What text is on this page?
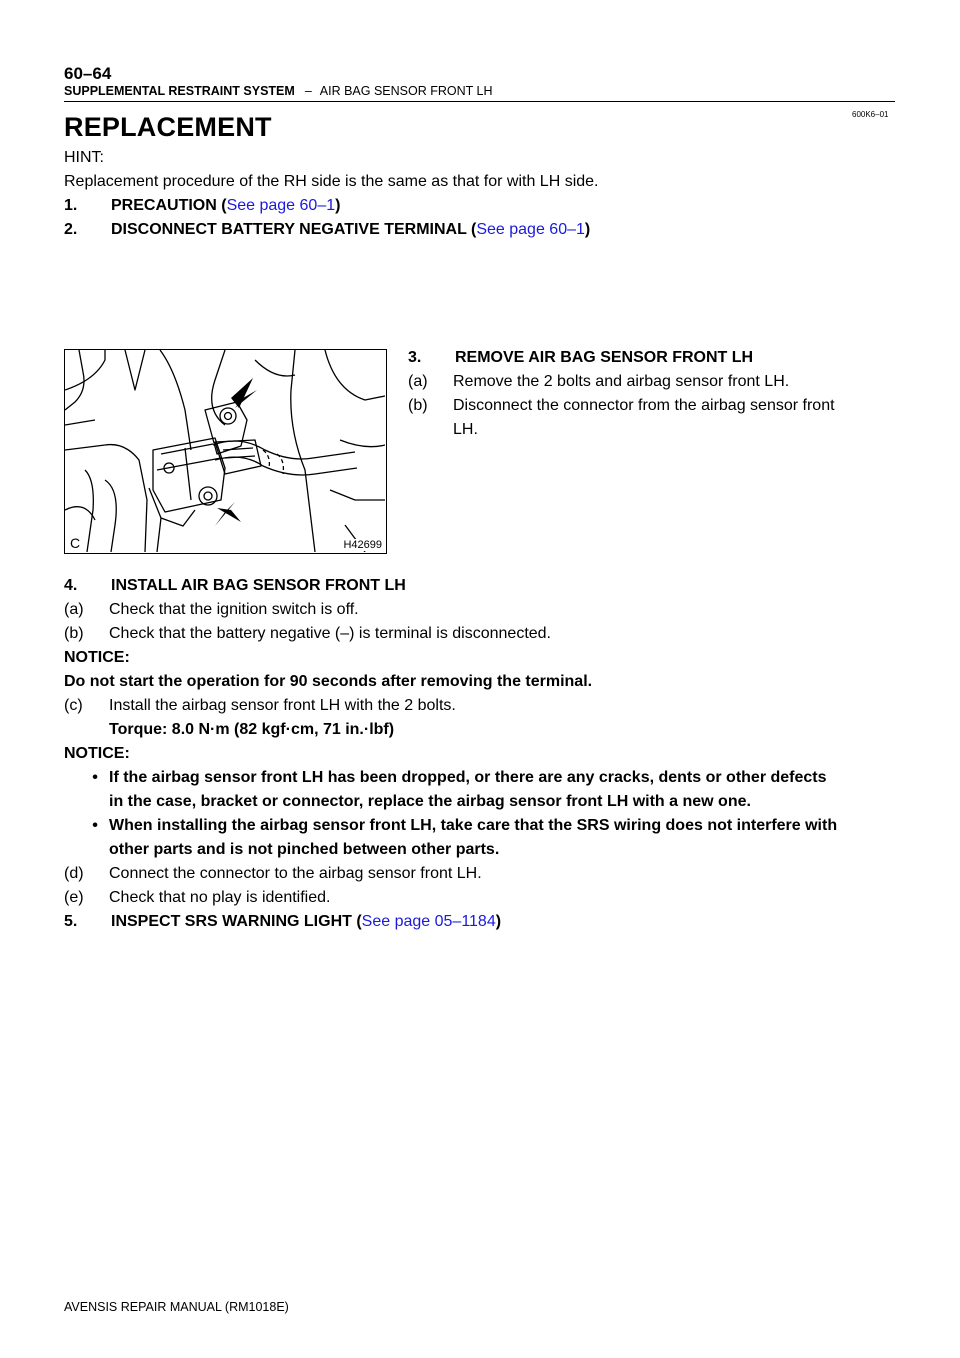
60–64
SUPPLEMENTAL RESTRAINT SYSTEM – AIR BAG SENSOR FRONT LH
600K6–01
REPLACEMENT
HINT:
Replacement procedure of the RH side is the same as that for with LH side.
1. PRECAUTION (See page 60–1)
2. DISCONNECT BATTERY NEGATIVE TERMINAL (See page 60–1)
C	H42699
3. REMOVE AIR BAG SENSOR FRONT LH
(a) Remove the 2 bolts and airbag sensor front LH.
(b) Disconnect the connector from the airbag sensor front
LH.
4. INSTALL AIR BAG SENSOR FRONT LH
(a) Check that the ignition switch is off.
(b) Check that the battery negative (–) is terminal is disconnected.
NOTICE:
Do not start the operation for 90 seconds after removing the terminal.
(c) Install the airbag sensor front LH with the 2 bolts.
Torque: 8.0 N·m (82 kgf·cm, 71 in.·lbf)
NOTICE:
• If the airbag sensor front LH has been dropped, or there are any cracks, dents or other defects
in the case, bracket or connector, replace the airbag sensor front LH with a new one.
• When installing the airbag sensor front LH, take care that the SRS wiring does not interfere with
other parts and is not pinched between other parts.
(d) Connect the connector to the airbag sensor front LH.
(e) Check that no play is identified.
5. INSPECT SRS WARNING LIGHT (See page 05–1184)
AVENSIS REPAIR MANUAL (RM1018E)
